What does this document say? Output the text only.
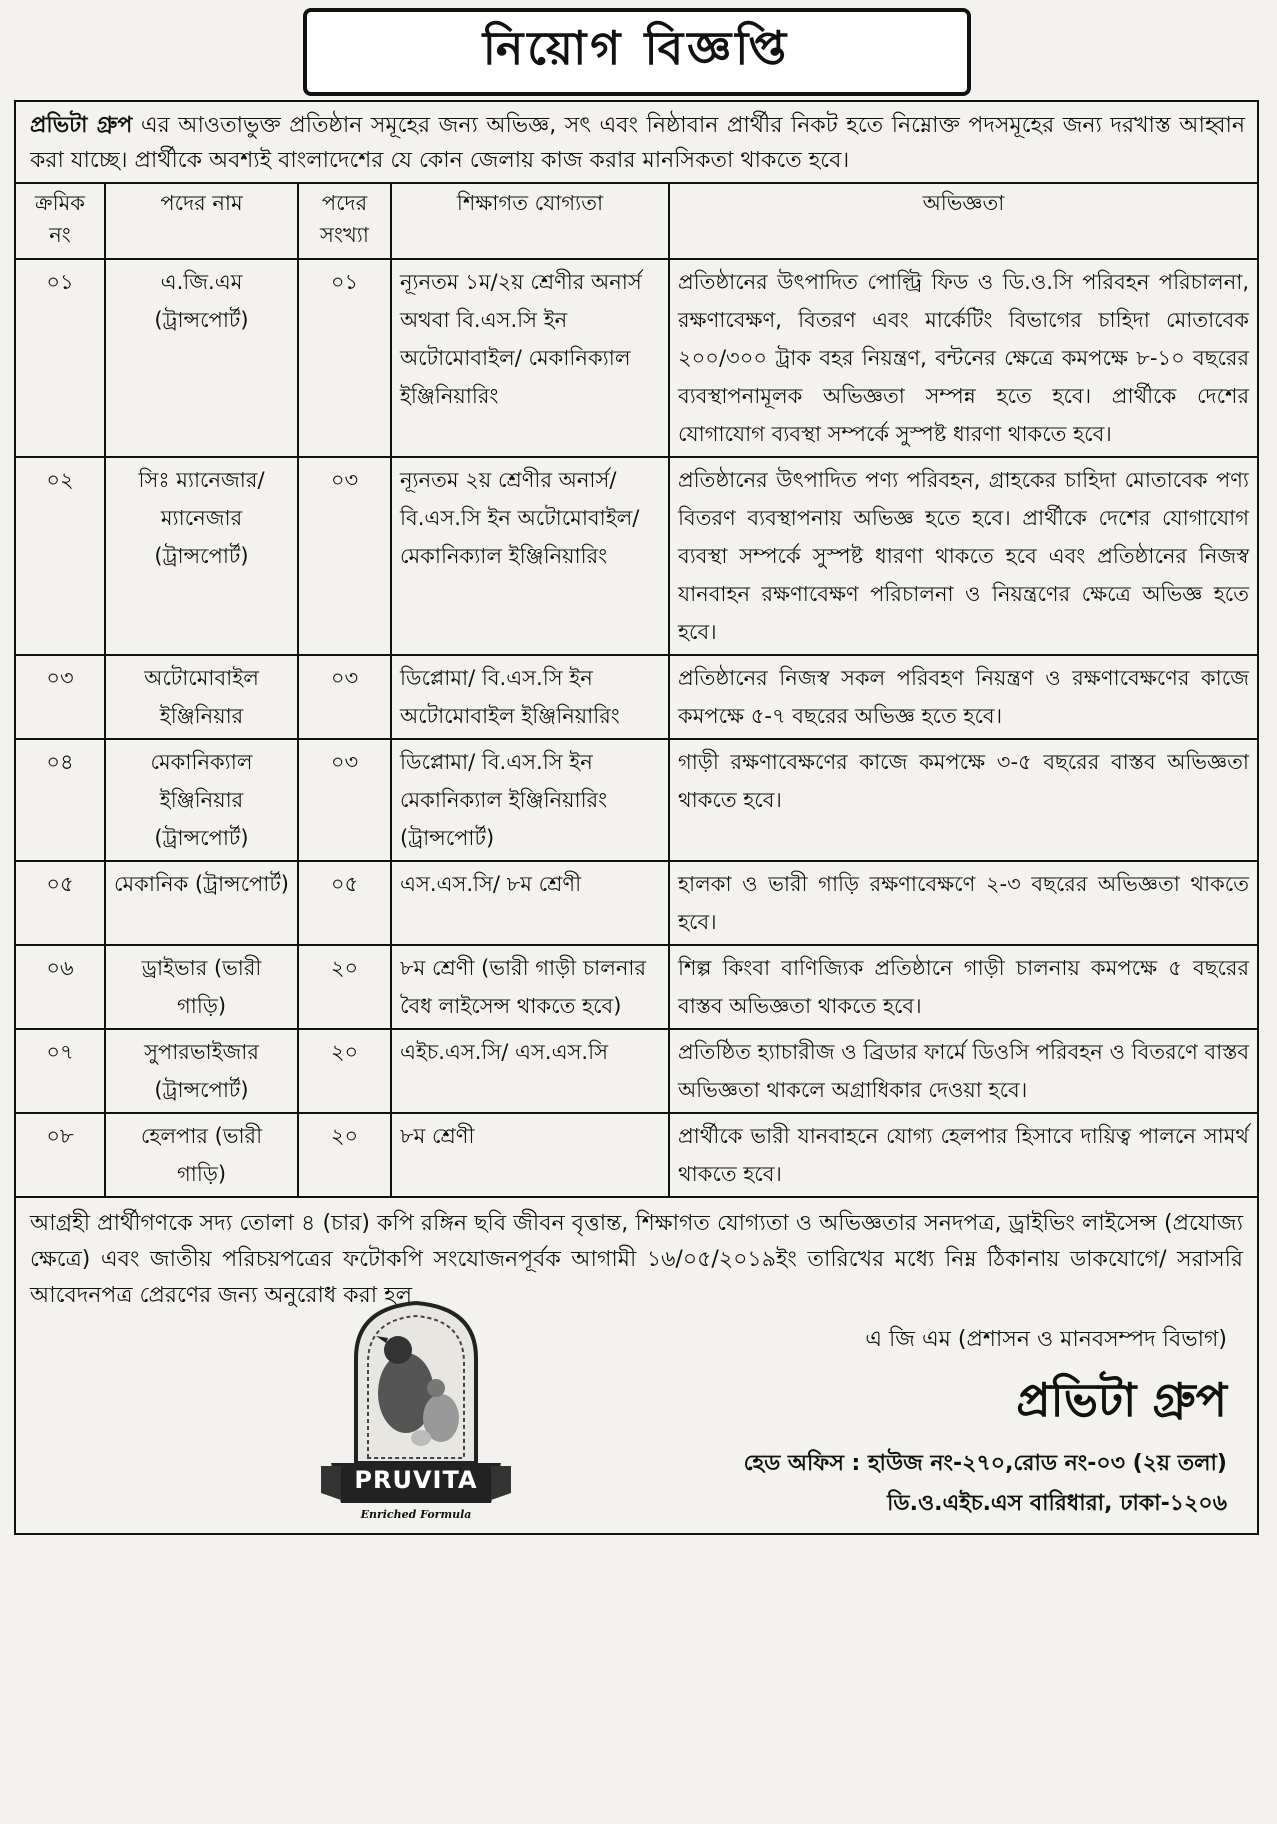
নিয়োগ বিজ্ঞপ্তি
প্রভিটা গ্রুপ এর আওতাভুক্ত প্রতিষ্ঠান সমূহের জন্য অভিজ্ঞ, সৎ এবং নিষ্ঠাবান প্রার্থীর নিকট হতে নিম্নোক্ত পদসমূহের জন্য দরখাস্ত আহ্বান করা যাচ্ছে। প্রার্থীকে অবশ্যই বাংলাদেশের যে কোন জেলায় কাজ করার মানসিকতা থাকতে হবে।
ক্রমিক নং	পদের নাম	পদের সংখ্যা	শিক্ষাগত যোগ্যতা	অভিজ্ঞতা
০১	এ.জি.এম (ট্রান্সপোর্ট)	০১	ন্যূনতম ১ম/২য় শ্রেণীর অনার্স অথবা বি.এস.সি ইন অটোমোবাইল/ মেকানিক্যাল ইঞ্জিনিয়ারিং	প্রতিষ্ঠানের উৎপাদিত পোল্ট্রি ফিড ও ডি.ও.সি পরিবহন পরিচালনা, রক্ষণাবেক্ষণ, বিতরণ এবং মার্কেটিং বিভাগের চাহিদা মোতাবেক ২০০/৩০০ ট্রাক বহর নিয়ন্ত্রণ, বন্টনের ক্ষেত্রে কমপক্ষে ৮-১০ বছরের ব্যবস্থাপনামূলক অভিজ্ঞতা সম্পন্ন হতে হবে। প্রার্থীকে দেশের যোগাযোগ ব্যবস্থা সম্পর্কে সুস্পষ্ট ধারণা থাকতে হবে।
০২	সিঃ ম্যানেজার/ ম্যানেজার (ট্রান্সপোর্ট)	০৩	ন্যূনতম ২য় শ্রেণীর অনার্স/বি.এস.সি ইন অটোমোবাইল/ মেকানিক্যাল ইঞ্জিনিয়ারিং	প্রতিষ্ঠানের উৎপাদিত পণ্য পরিবহন, গ্রাহকের চাহিদা মোতাবেক পণ্য বিতরণ ব্যবস্থাপনায় অভিজ্ঞ হতে হবে। প্রার্থীকে দেশের যোগাযোগ ব্যবস্থা সম্পর্কে সুস্পষ্ট ধারণা থাকতে হবে এবং প্রতিষ্ঠানের নিজস্ব যানবাহন রক্ষণাবেক্ষণ পরিচালনা ও নিয়ন্ত্রণের ক্ষেত্রে অভিজ্ঞ হতে হবে।
০৩	অটোমোবাইল ইঞ্জিনিয়ার	০৩	ডিপ্লোমা/ বি.এস.সি ইন অটোমোবাইল ইঞ্জিনিয়ারিং	প্রতিষ্ঠানের নিজস্ব সকল পরিবহণ নিয়ন্ত্রণ ও রক্ষণাবেক্ষণের কাজে কমপক্ষে ৫-৭ বছরের অভিজ্ঞ হতে হবে।
০৪	মেকানিক্যাল ইঞ্জিনিয়ার (ট্রান্সপোর্ট)	০৩	ডিপ্লোমা/ বি.এস.সি ইন মেকানিক্যাল ইঞ্জিনিয়ারিং (ট্রান্সপোর্ট)	গাড়ী রক্ষণাবেক্ষণের কাজে কমপক্ষে ৩-৫ বছরের বাস্তব অভিজ্ঞতা থাকতে হবে।
০৫	মেকানিক (ট্রান্সপোর্ট)	০৫	এস.এস.সি/ ৮ম শ্রেণী	হালকা ও ভারী গাড়ি রক্ষণাবেক্ষণে ২-৩ বছরের অভিজ্ঞতা থাকতে হবে।
০৬	ড্রাইভার (ভারী গাড়ি)	২০	৮ম শ্রেণী (ভারী গাড়ী চালনার বৈধ লাইসেন্স থাকতে হবে)	শিল্প কিংবা বাণিজ্যিক প্রতিষ্ঠানে গাড়ী চালনায় কমপক্ষে ৫ বছরের বাস্তব অভিজ্ঞতা থাকতে হবে।
০৭	সুপারভাইজার (ট্রান্সপোর্ট)	২০	এইচ.এস.সি/ এস.এস.সি	প্রতিষ্ঠিত হ্যাচারীজ ও ব্রিডার ফার্মে ডিওসি পরিবহন ও বিতরণে বাস্তব অভিজ্ঞতা থাকলে অগ্রাধিকার দেওয়া হবে।
০৮	হেলপার (ভারী গাড়ি)	২০	৮ম শ্রেণী	প্রার্থীকে ভারী যানবাহনে যোগ্য হেলপার হিসাবে দায়িত্ব পালনে সামর্থ থাকতে হবে।
আগ্রহী প্রার্থীগণকে সদ্য তোলা ৪ (চার) কপি রঙ্গিন ছবি জীবন বৃত্তান্ত, শিক্ষাগত যোগ্যতা ও অভিজ্ঞতার সনদপত্র, ড্রাইভিং লাইসেন্স (প্রযোজ্য ক্ষেত্রে) এবং জাতীয় পরিচয়পত্রের ফটোকপি সংযোজনপূর্বক আগামী ১৬/০৫/২০১৯ইং তারিখের মধ্যে নিম্ন ঠিকানায় ডাকযোগে/ সরাসরি আবেদনপত্র প্রেরণের জন্য অনুরোধ করা হল
PRUVITA
Enriched Formula
এ জি এম (প্রশাসন ও মানবসম্পদ বিভাগ)
প্রভিটা গ্রুপ
হেড অফিস : হাউজ নং-২৭০,রোড নং-০৩ (২য় তলা)
ডি.ও.এইচ.এস বারিধারা, ঢাকা-১২০৬
